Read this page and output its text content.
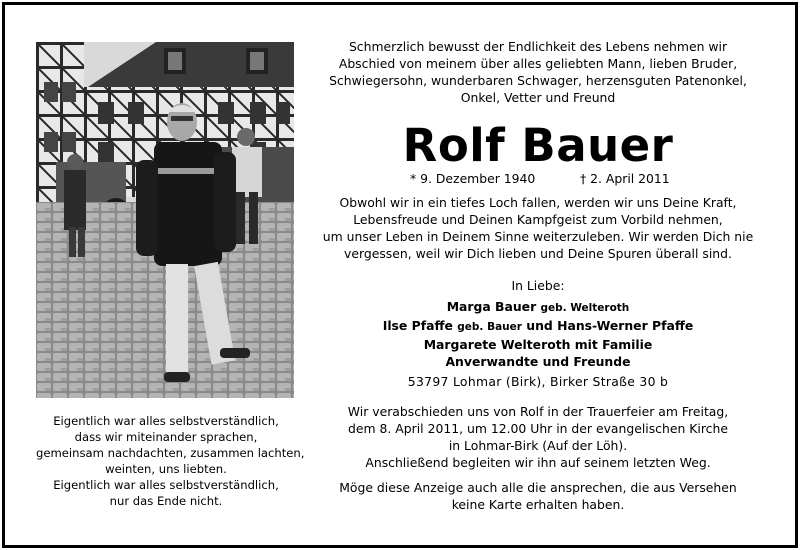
Eigentlich war alles selbstverständlich,
dass wir miteinander sprachen,
gemeinsam nachdachten, zusammen lachten,
weinten, uns liebten.
Eigentlich war alles selbstverständlich,
nur das Ende nicht.
Schmerzlich bewusst der Endlichkeit des Lebens nehmen wir
Abschied von meinem über alles geliebten Mann, lieben Bruder,
Schwiegersohn, wunderbaren Schwager, herzensguten Patenonkel,
Onkel, Vetter und Freund
Rolf Bauer
* 9. Dezember 1940	† 2. April 2011
Obwohl wir in ein tiefes Loch fallen, werden wir uns Deine Kraft,
Lebensfreude und Deinen Kampfgeist zum Vorbild nehmen,
um unser Leben in Deinem Sinne weiterzuleben. Wir werden Dich nie
vergessen, weil wir Dich lieben und Deine Spuren überall sind.
In Liebe:
Marga Bauer geb. Welteroth
Ilse Pfaffe geb. Bauer und Hans-Werner Pfaffe
Margarete Welteroth mit Familie
Anverwandte und Freunde
53797 Lohmar (Birk), Birker Straße 30 b
Wir verabschieden uns von Rolf in der Trauerfeier am Freitag,
dem 8. April 2011, um 12.00 Uhr in der evangelischen Kirche
in Lohmar-Birk (Auf der Löh).
Anschließend begleiten wir ihn auf seinem letzten Weg.
Möge diese Anzeige auch alle die ansprechen, die aus Versehen
keine Karte erhalten haben.
